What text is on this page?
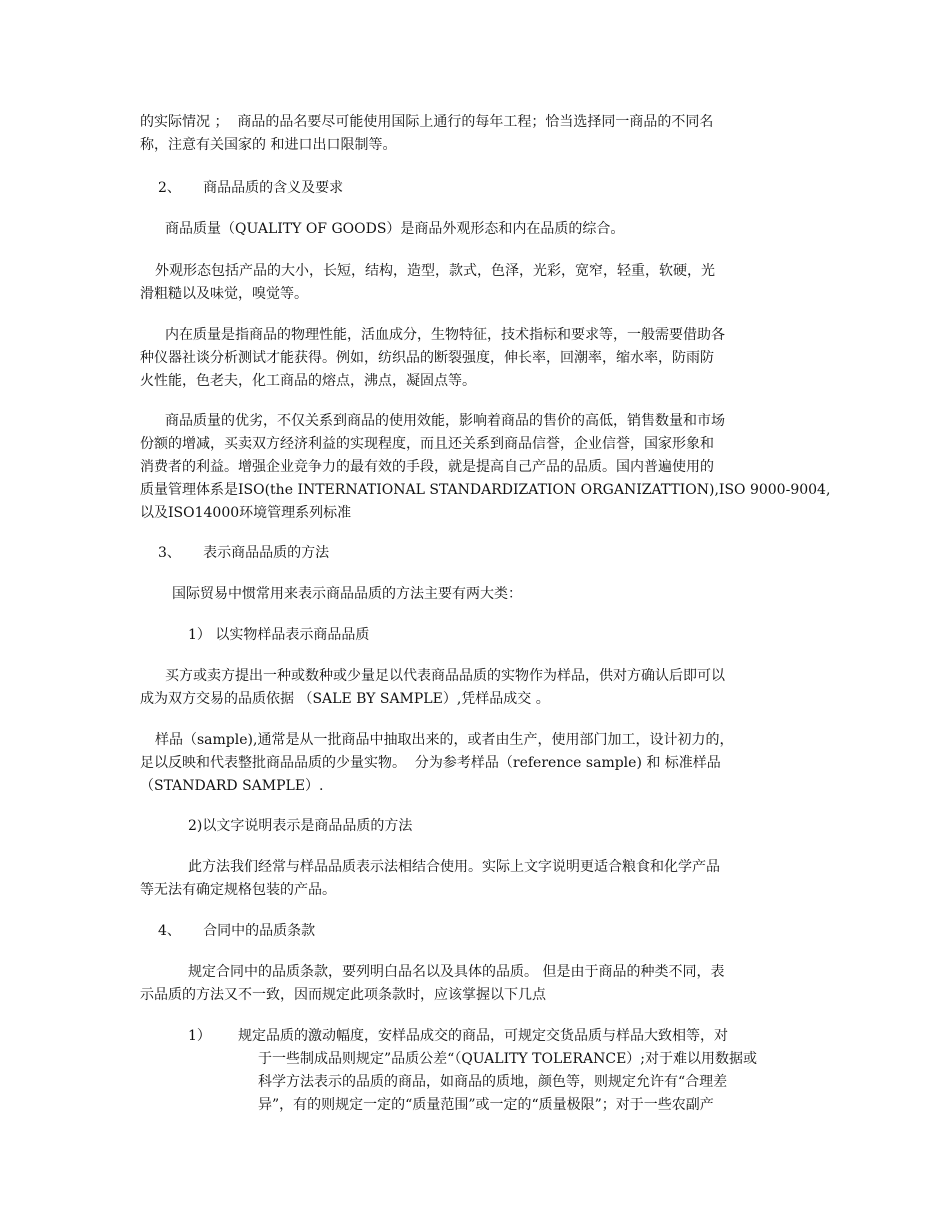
的实际情况 ；  商品的品名要尽可能使用国际上通行的每年工程；恰当选择同一商品的不同名
称，注意有关国家的 和进口出口限制等。
2、     商品品质的含义及要求
商品质量（QUALITY OF GOODS）是商品外观形态和内在品质的综合。
外观形态包括产品的大小，长短，结构，造型，款式，色泽，光彩，宽窄，轻重，软硬，光
滑粗糙以及味觉，嗅觉等。
内在质量是指商品的物理性能，活血成分，生物特征，技术指标和要求等，一般需要借助各
种仪器社谈分析测试才能获得。例如，纺织品的断裂强度，伸长率，回潮率，缩水率，防雨防
火性能，色老夫，化工商品的熔点，沸点，凝固点等。
商品质量的优劣，不仅关系到商品的使用效能，影响着商品的售价的高低，销售数量和市场
份额的增减，买卖双方经济利益的实现程度，而且还关系到商品信誉，企业信誉，国家形象和
消费者的利益。增强企业竞争力的最有效的手段，就是提高自己产品的品质。国内普遍使用的
质量管理体系是ISO(the INTERNATIONAL STANDARDIZATION ORGANIZATTION),ISO 9000-9004,
以及ISO14000环境管理系列标准
3、     表示商品品质的方法
国际贸易中惯常用来表示商品品质的方法主要有两大类：
1） 以实物样品表示商品品质
买方或卖方提出一种或数种或少量足以代表商品品质的实物作为样品，供对方确认后即可以
成为双方交易的品质依据 （SALE BY SAMPLE）,凭样品成交 。
样品（sample),通常是从一批商品中抽取出来的，或者由生产，使用部门加工，设计初力的，
足以反映和代表整批商品品质的少量实物。  分为参考样品（reference sample) 和 标准样品
（STANDARD SAMPLE）.
2)以文字说明表示是商品品质的方法
此方法我们经常与样品品质表示法相结合使用。实际上文字说明更适合粮食和化学产品
等无法有确定规格包装的产品。
4、     合同中的品质条款
规定合同中的品质条款，要列明白品名以及具体的品质。 但是由于商品的种类不同，表
示品质的方法又不一致，因而规定此项条款时，应该掌握以下几点
1） 规定品质的激动幅度，安样品成交的商品，可规定交货品质与样品大致相等，对
于一些制成品则规定”品质公差“（QUALITY TOLERANCE）;对于难以用数据或
科学方法表示的品质的商品，如商品的质地，颜色等，则规定允许有“合理差
异”，有的则规定一定的“质量范围”或一定的“质量极限”；对于一些农副产
